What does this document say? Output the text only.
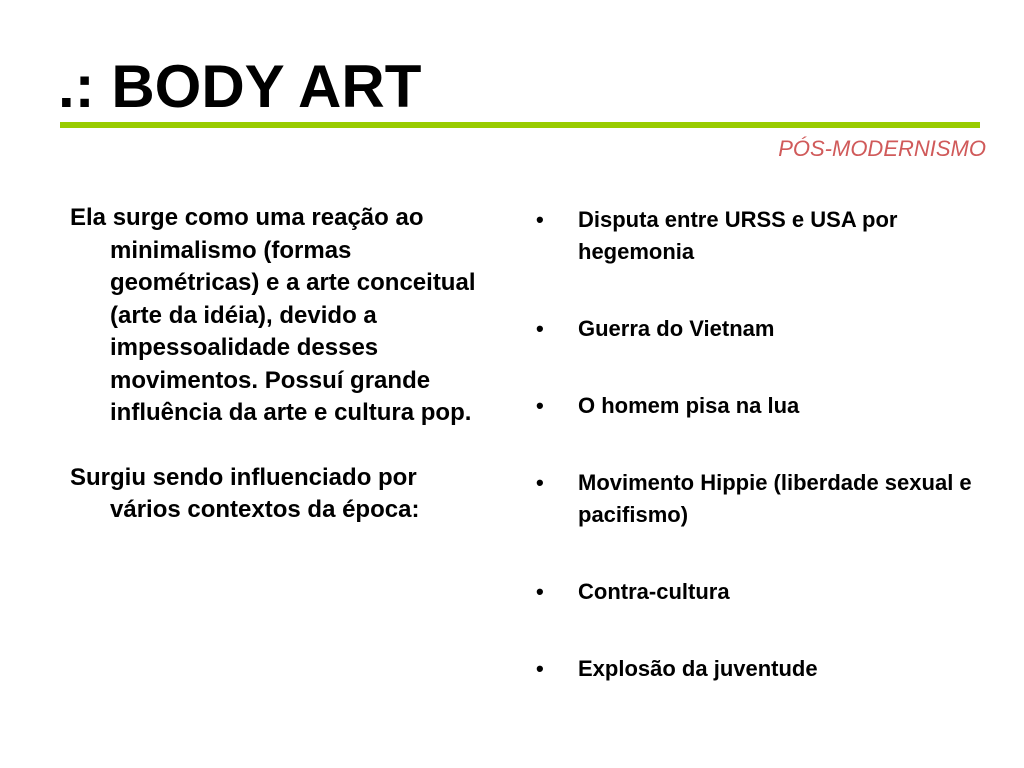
.: BODY ART
PÓS-MODERNISMO

Ela surge como uma reação ao minimalismo (formas geométricas) e a arte conceitual (arte da idéia), devido a impessoalidade desses movimentos. Possuí grande influência da arte e cultura pop.

Surgiu sendo influenciado por vários contextos da época:

•	Disputa entre URSS e USA por hegemonia
•	Guerra do Vietnam
•	O homem pisa na lua
•	Movimento Hippie (liberdade sexual e pacifismo)
•	Contra-cultura
•	Explosão da juventude
